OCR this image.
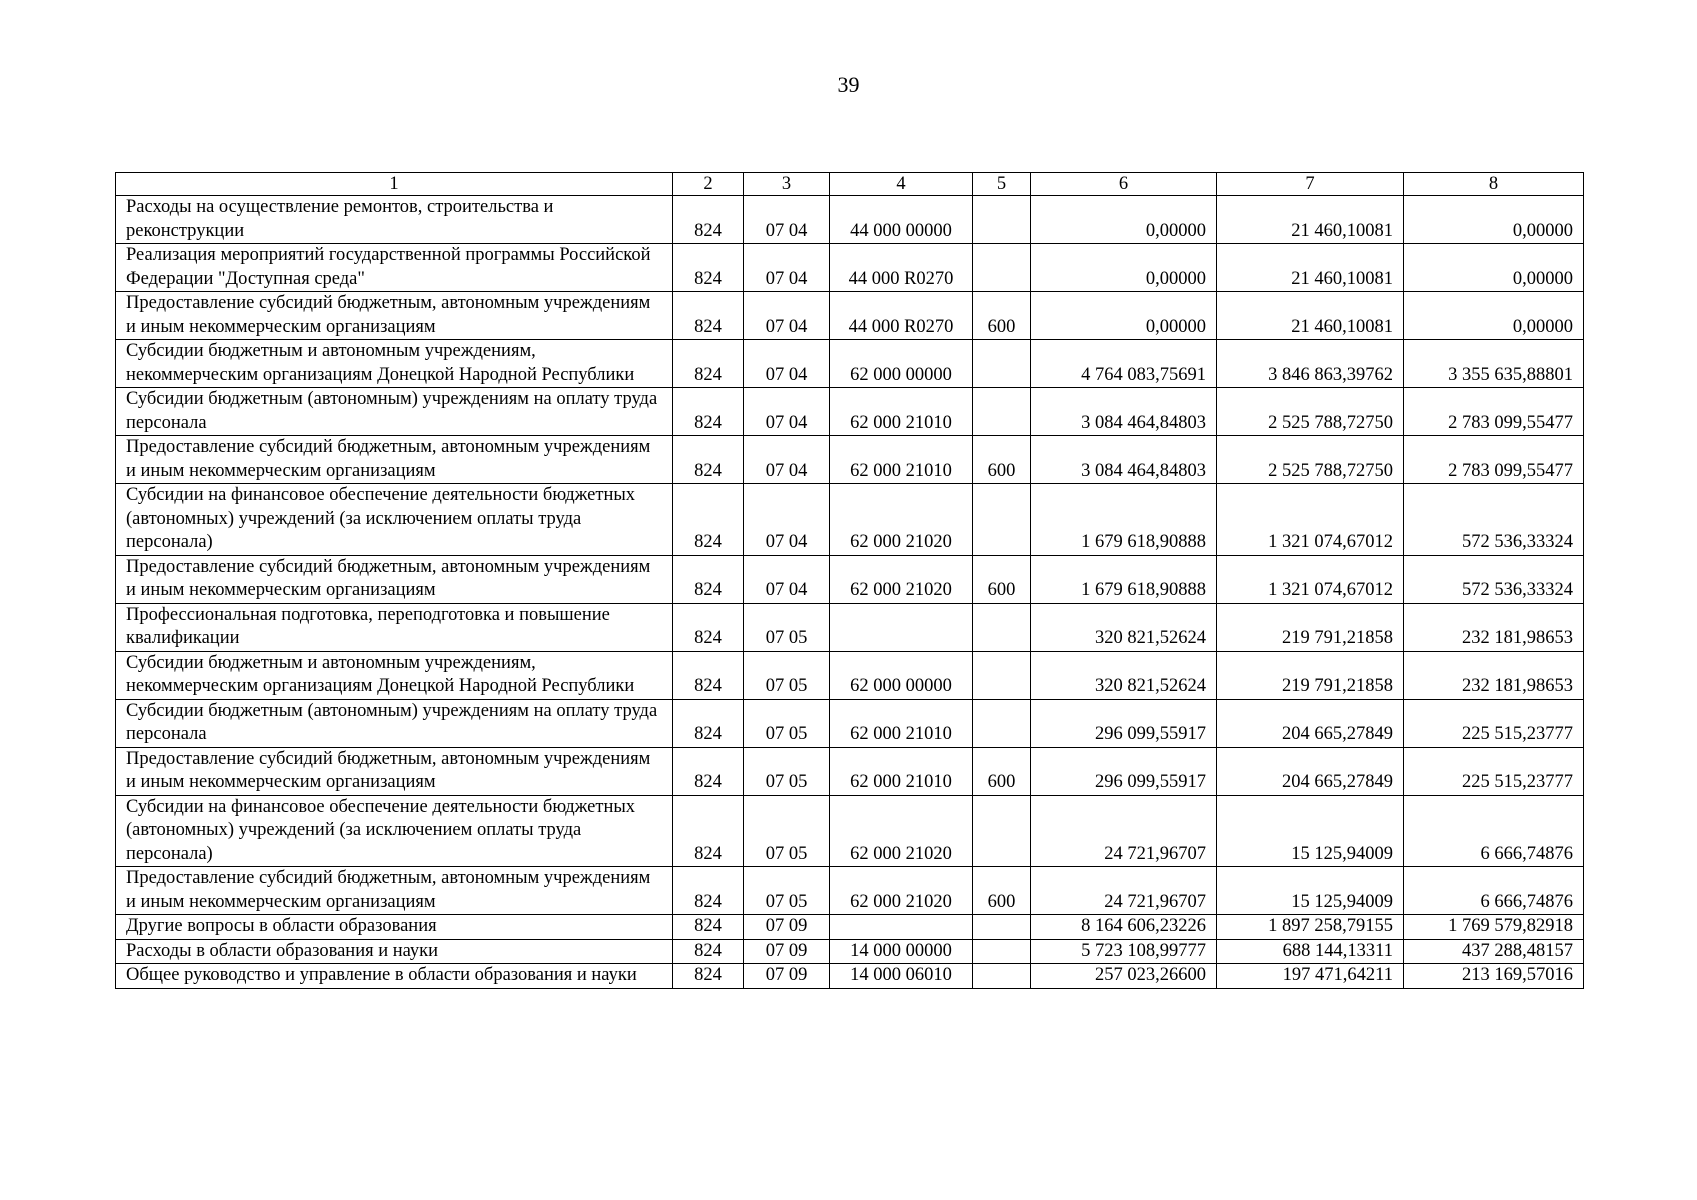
39
1	2	3	4	5	6	7	8
Расходы на осуществление ремонтов, строительства и реконструкции	824	07 04	44 000 00000		0,00000	21 460,10081	0,00000
Реализация мероприятий государственной программы Российской Федерации "Доступная среда"	824	07 04	44 000 R0270		0,00000	21 460,10081	0,00000
Предоставление субсидий бюджетным, автономным учреждениям и иным некоммерческим организациям	824	07 04	44 000 R0270	600	0,00000	21 460,10081	0,00000
Субсидии бюджетным и автономным учреждениям, некоммерческим организациям Донецкой Народной Республики	824	07 04	62 000 00000		4 764 083,75691	3 846 863,39762	3 355 635,88801
Субсидии бюджетным (автономным) учреждениям на оплату труда персонала	824	07 04	62 000 21010		3 084 464,84803	2 525 788,72750	2 783 099,55477
Предоставление субсидий бюджетным, автономным учреждениям и иным некоммерческим организациям	824	07 04	62 000 21010	600	3 084 464,84803	2 525 788,72750	2 783 099,55477
Субсидии на финансовое обеспечение деятельности бюджетных (автономных) учреждений (за исключением оплаты труда персонала)	824	07 04	62 000 21020		1 679 618,90888	1 321 074,67012	572 536,33324
Предоставление субсидий бюджетным, автономным учреждениям и иным некоммерческим организациям	824	07 04	62 000 21020	600	1 679 618,90888	1 321 074,67012	572 536,33324
Профессиональная подготовка, переподготовка и повышение квалификации	824	07 05			320 821,52624	219 791,21858	232 181,98653
Субсидии бюджетным и автономным учреждениям, некоммерческим организациям Донецкой Народной Республики	824	07 05	62 000 00000		320 821,52624	219 791,21858	232 181,98653
Субсидии бюджетным (автономным) учреждениям на оплату труда персонала	824	07 05	62 000 21010		296 099,55917	204 665,27849	225 515,23777
Предоставление субсидий бюджетным, автономным учреждениям и иным некоммерческим организациям	824	07 05	62 000 21010	600	296 099,55917	204 665,27849	225 515,23777
Субсидии на финансовое обеспечение деятельности бюджетных (автономных) учреждений (за исключением оплаты труда персонала)	824	07 05	62 000 21020		24 721,96707	15 125,94009	6 666,74876
Предоставление субсидий бюджетным, автономным учреждениям и иным некоммерческим организациям	824	07 05	62 000 21020	600	24 721,96707	15 125,94009	6 666,74876
Другие вопросы в области образования	824	07 09			8 164 606,23226	1 897 258,79155	1 769 579,82918
Расходы в области образования и науки	824	07 09	14 000 00000		5 723 108,99777	688 144,13311	437 288,48157
Общее руководство и управление в области образования и науки	824	07 09	14 000 06010		257 023,26600	197 471,64211	213 169,57016
